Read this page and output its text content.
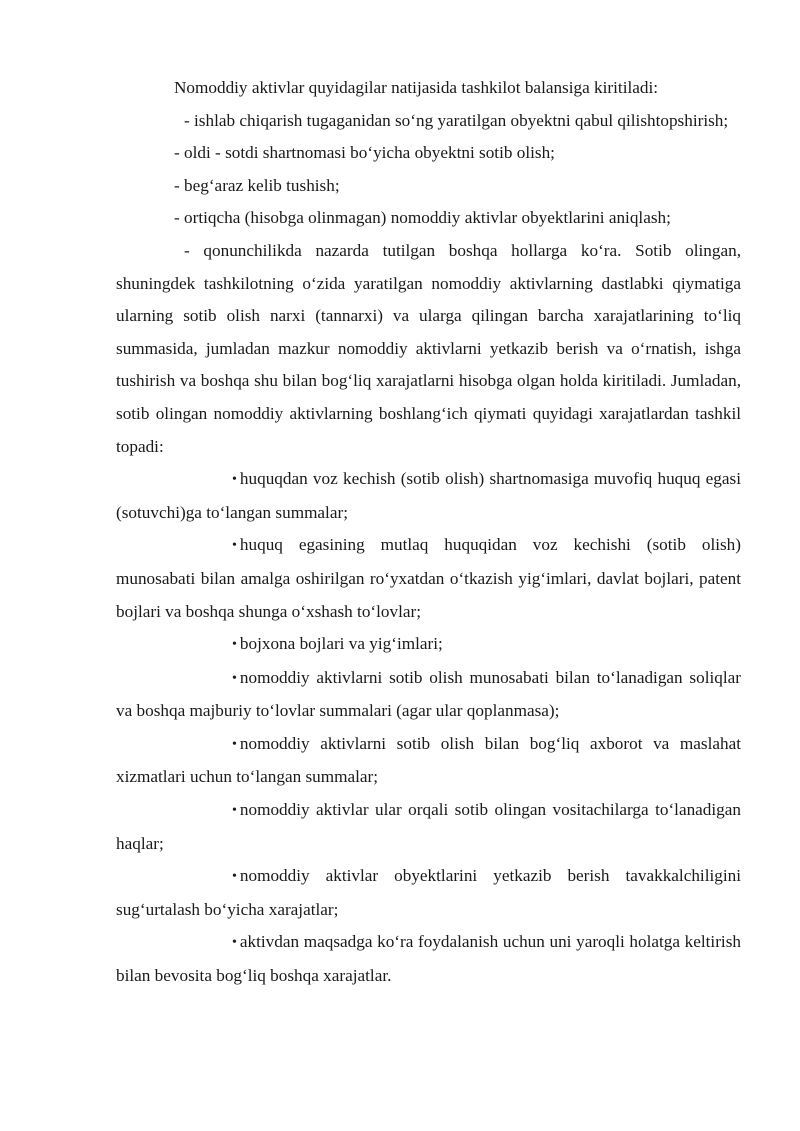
Nomoddiy aktivlar quyidagilar natijasida tashkilot balansiga kiritiladi:

- ishlab chiqarish tugaganidan so‘ng yaratilgan obyektni qabul qilishtopshirish;

- oldi - sotdi shartnomasi bo‘yicha obyektni sotib olish;

- beg‘araz kelib tushish;

- ortiqcha (hisobga olinmagan) nomoddiy aktivlar obyektlarini aniqlash;

- qonunchilikda nazarda tutilgan boshqa hollarga ko‘ra. Sotib olingan, shuningdek tashkilotning o‘zida yaratilgan nomoddiy aktivlarning dastlabki qiymatiga ularning sotib olish narxi (tannarxi) va ularga qilingan barcha xarajatlarining to‘liq summasida, jumladan mazkur nomoddiy aktivlarni yetkazib berish va o‘rnatish, ishga tushirish va boshqa shu bilan bog‘liq xarajatlarni hisobga olgan holda kiritiladi. Jumladan, sotib olingan nomoddiy aktivlarning boshlang‘ich qiymati quyidagi xarajatlardan tashkil topadi:

• huquqdan voz kechish (sotib olish) shartnomasiga muvofiq huquq egasi (sotuvchi)ga to‘langan summalar;

• huquq egasining mutlaq huquqidan voz kechishi (sotib olish) munosabati bilan amalga oshirilgan ro‘yxatdan o‘tkazish yig‘imlari, davlat bojlari, patent bojlari va boshqa shunga o‘xshash to‘lovlar;

• bojxona bojlari va yig‘imlari;

• nomoddiy aktivlarni sotib olish munosabati bilan to‘lanadigan soliqlar va boshqa majburiy to‘lovlar summalari (agar ular qoplanmasa);

• nomoddiy aktivlarni sotib olish bilan bog‘liq axborot va maslahat xizmatlari uchun to‘langan summalar;

• nomoddiy aktivlar ular orqali sotib olingan vositachilarga to‘lanadigan haqlar;

• nomoddiy aktivlar obyektlarini yetkazib berish tavakkalchiligini sug‘urtalash bo‘yicha xarajatlar;

• aktivdan maqsadga ko‘ra foydalanish uchun uni yaroqli holatga keltirish bilan bevosita bog‘liq boshqa xarajatlar.
